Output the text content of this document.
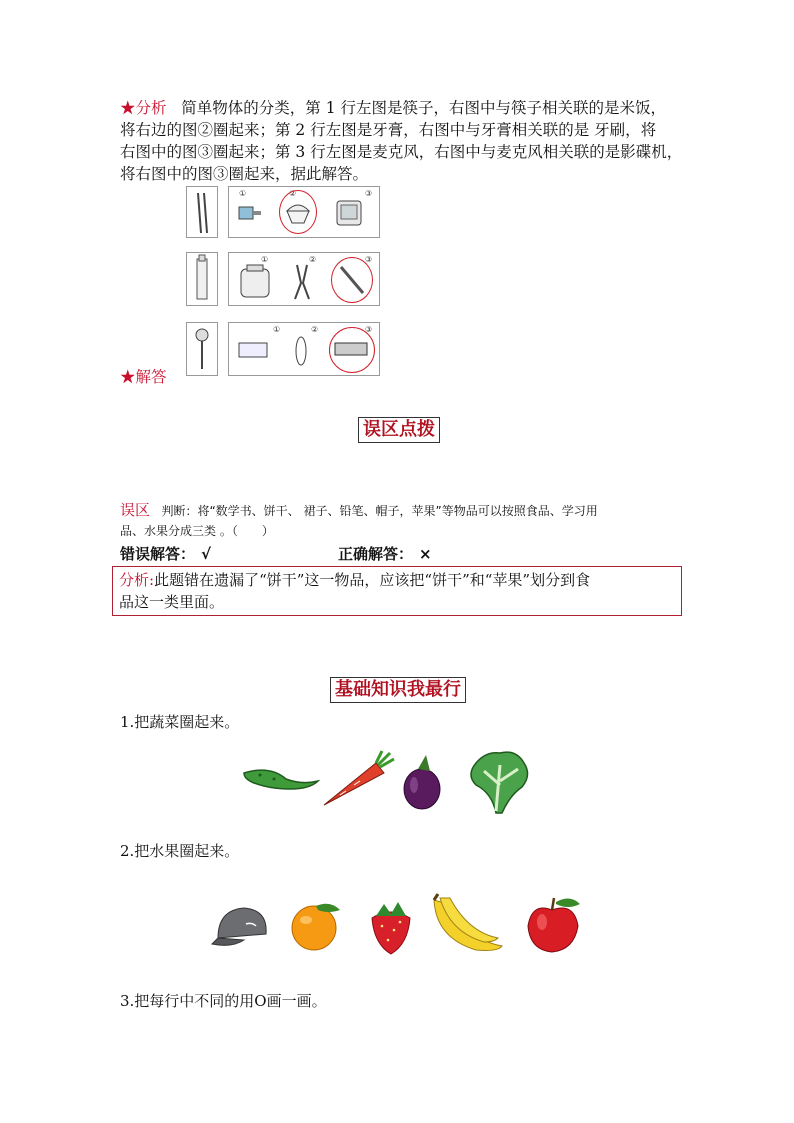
★分析 简单物体的分类，第 1 行左图是筷子，右图中与筷子相关联的是米饭，
将右边的图②圈起来；第 2 行左图是牙膏，右图中与牙膏相关联的是 牙刷，将
右图中的图③圈起来；第 3 行左图是麦克风，右图中与麦克风相关联的是影碟机，
将右图中的图③圈起来，据此解答。
①	②	③
①	②	③
①	②	③
★解答
误区点拨
误区 判断：将“数学书、饼干、 裙子、铅笔、帽子，苹果”等物品可以按照食品、学习用
品、水果分成三类 。（　　）
错误解答： √	正确解答： ×
分析:此题错在遗漏了“饼干”这一物品，应该把“饼干”和“苹果”划分到食
品这一类里面。
基础知识我最行
1.把蔬菜圈起来。
2.把水果圈起来。
3.把每行中不同的用O画一画。
